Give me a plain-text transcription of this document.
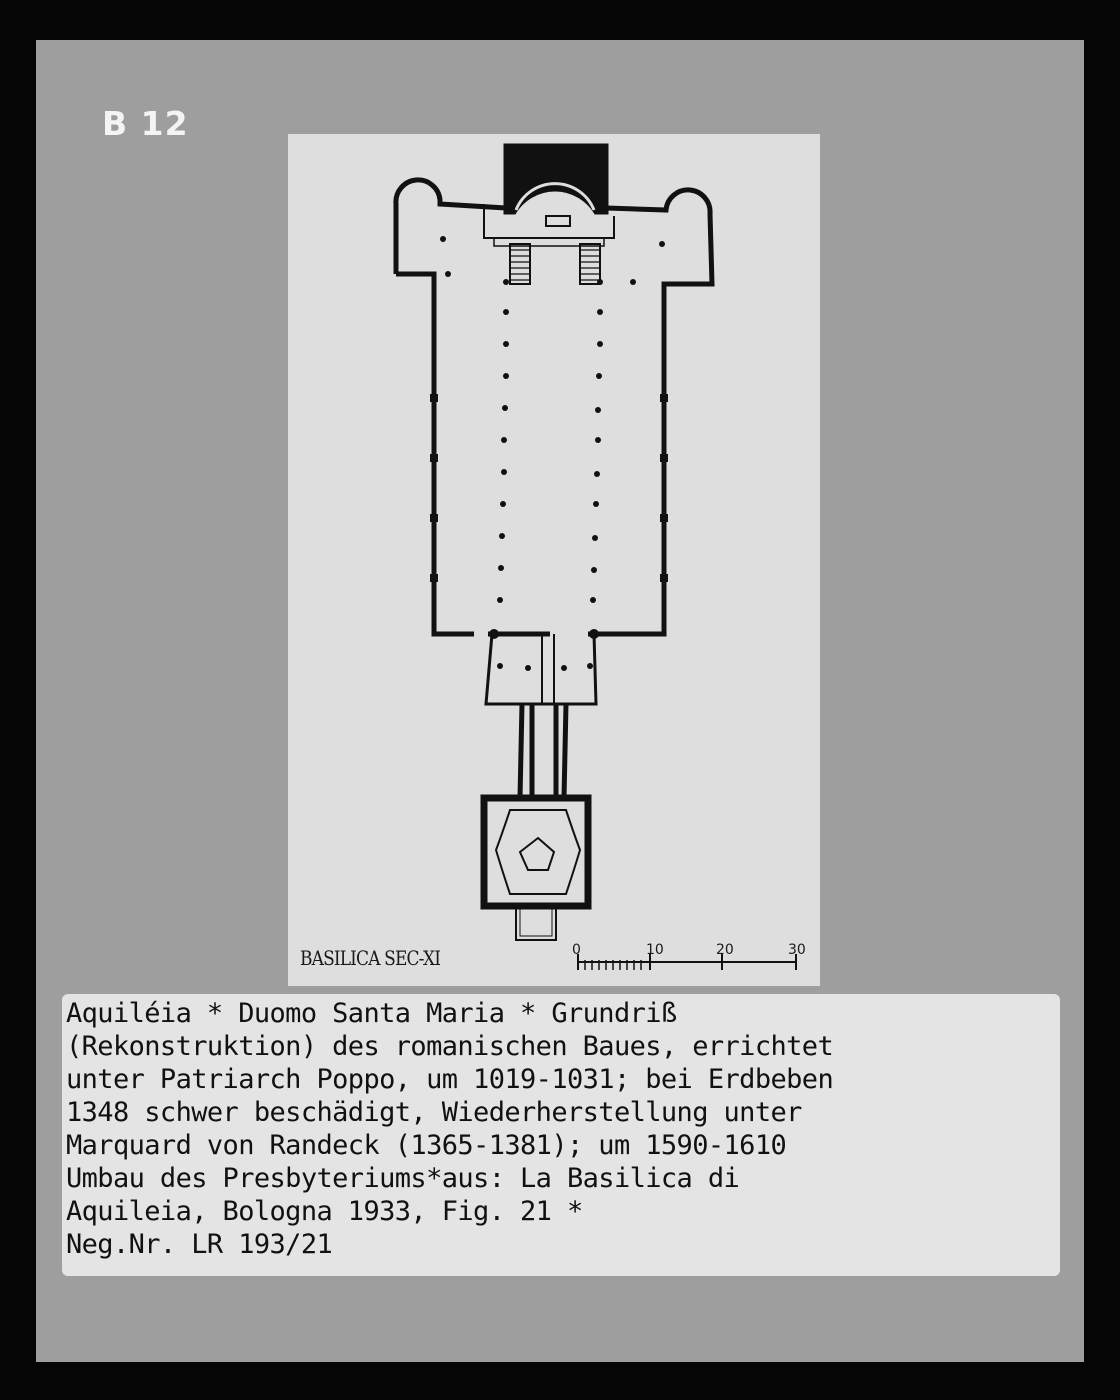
B 12
BASILICA SEC-XI	0	10	20	30
Aquiléia * Duomo Santa Maria * Grundriß
(Rekonstruktion) des romanischen Baues, errichtet
unter Patriarch Poppo, um 1019-1031; bei Erdbeben
1348 schwer beschädigt, Wiederherstellung unter
Marquard von Randeck (1365-1381); um 1590-1610
Umbau des Presbyteriums*aus: La Basilica di
Aquileia, Bologna 1933, Fig. 21 *
Neg.Nr. LR 193/21
